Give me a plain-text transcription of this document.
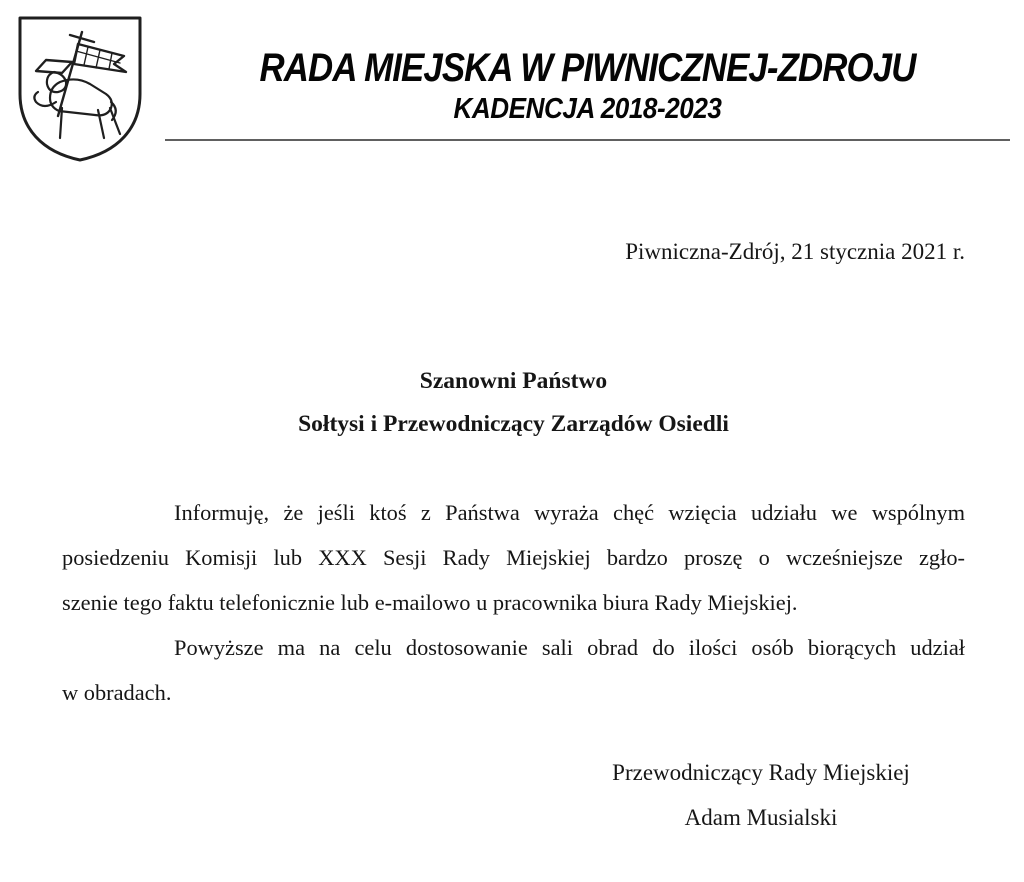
RADA MIEJSKA W PIWNICZNEJ-ZDROJU
KADENCJA 2018-2023
Piwniczna-Zdrój, 21 stycznia 2021 r.
Szanowni Państwo
Sołtysi i Przewodniczący Zarządów Osiedli
Informuję, że jeśli ktoś z Państwa wyraża chęć wzięcia udziału we wspólnym
posiedzeniu Komisji lub XXX Sesji Rady Miejskiej bardzo proszę o wcześniejsze zgło-
szenie tego faktu telefonicznie lub e-mailowo u pracownika biura Rady Miejskiej.
Powyższe ma na celu dostosowanie sali obrad do ilości osób biorących udział
w obradach.
Przewodniczący Rady Miejskiej
Adam Musialski
